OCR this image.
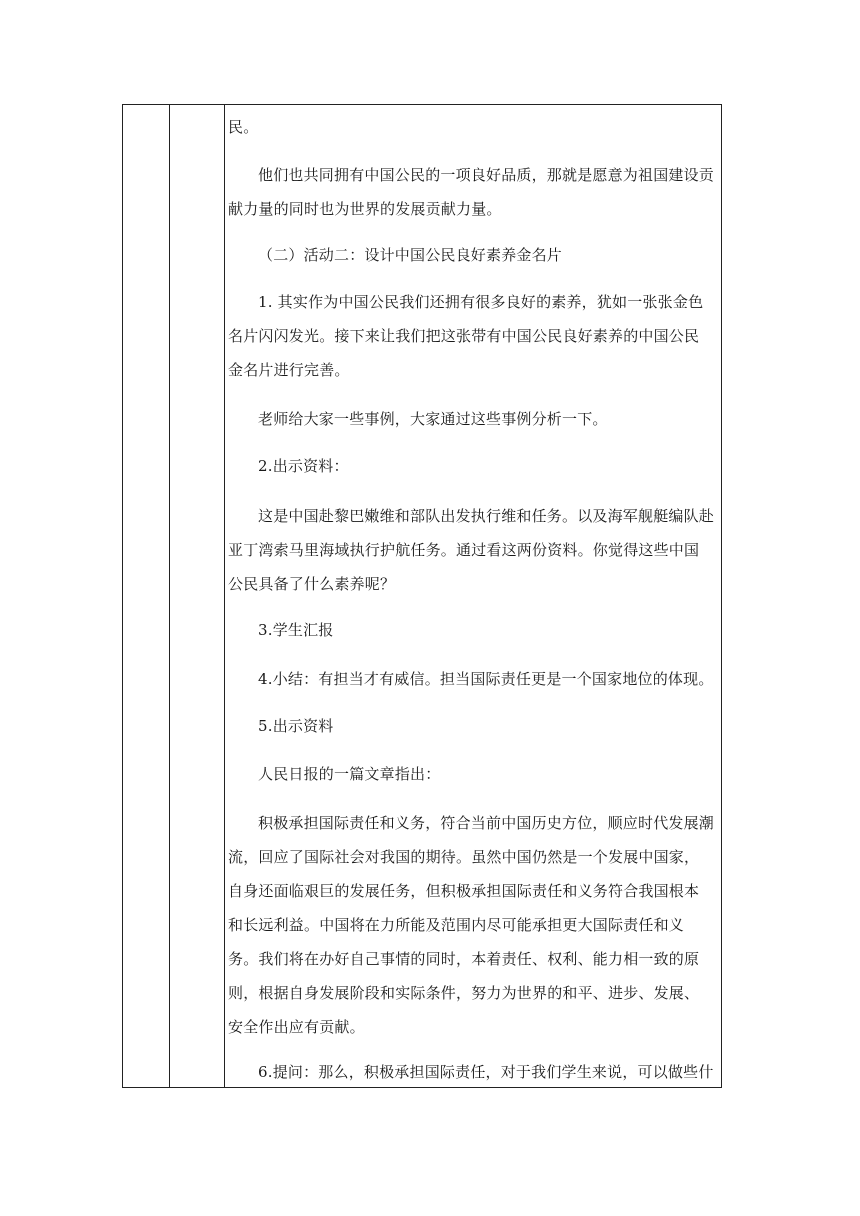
民。

他们也共同拥有中国公民的一项良好品质，那就是愿意为祖国建设贡献力量的同时也为世界的发展贡献力量。

（二）活动二：设计中国公民良好素养金名片

1. 其实作为中国公民我们还拥有很多良好的素养，犹如一张张金色名片闪闪发光。接下来让我们把这张带有中国公民良好素养的中国公民金名片进行完善。

老师给大家一些事例，大家通过这些事例分析一下。

2.出示资料：

这是中国赴黎巴嫩维和部队出发执行维和任务。以及海军舰艇编队赴亚丁湾索马里海域执行护航任务。通过看这两份资料。你觉得这些中国公民具备了什么素养呢？

3.学生汇报

4.小结：有担当才有威信。担当国际责任更是一个国家地位的体现。

5.出示资料

人民日报的一篇文章指出：

积极承担国际责任和义务，符合当前中国历史方位，顺应时代发展潮流，回应了国际社会对我国的期待。虽然中国仍然是一个发展中国家，自身还面临艰巨的发展任务，但积极承担国际责任和义务符合我国根本和长远利益。中国将在力所能及范围内尽可能承担更大国际责任和义务。我们将在办好自己事情的同时，本着责任、权利、能力相一致的原则，根据自身发展阶段和实际条件，努力为世界的和平、进步、发展、安全作出应有贡献。

6.提问：那么，积极承担国际责任，对于我们学生来说，可以做些什
